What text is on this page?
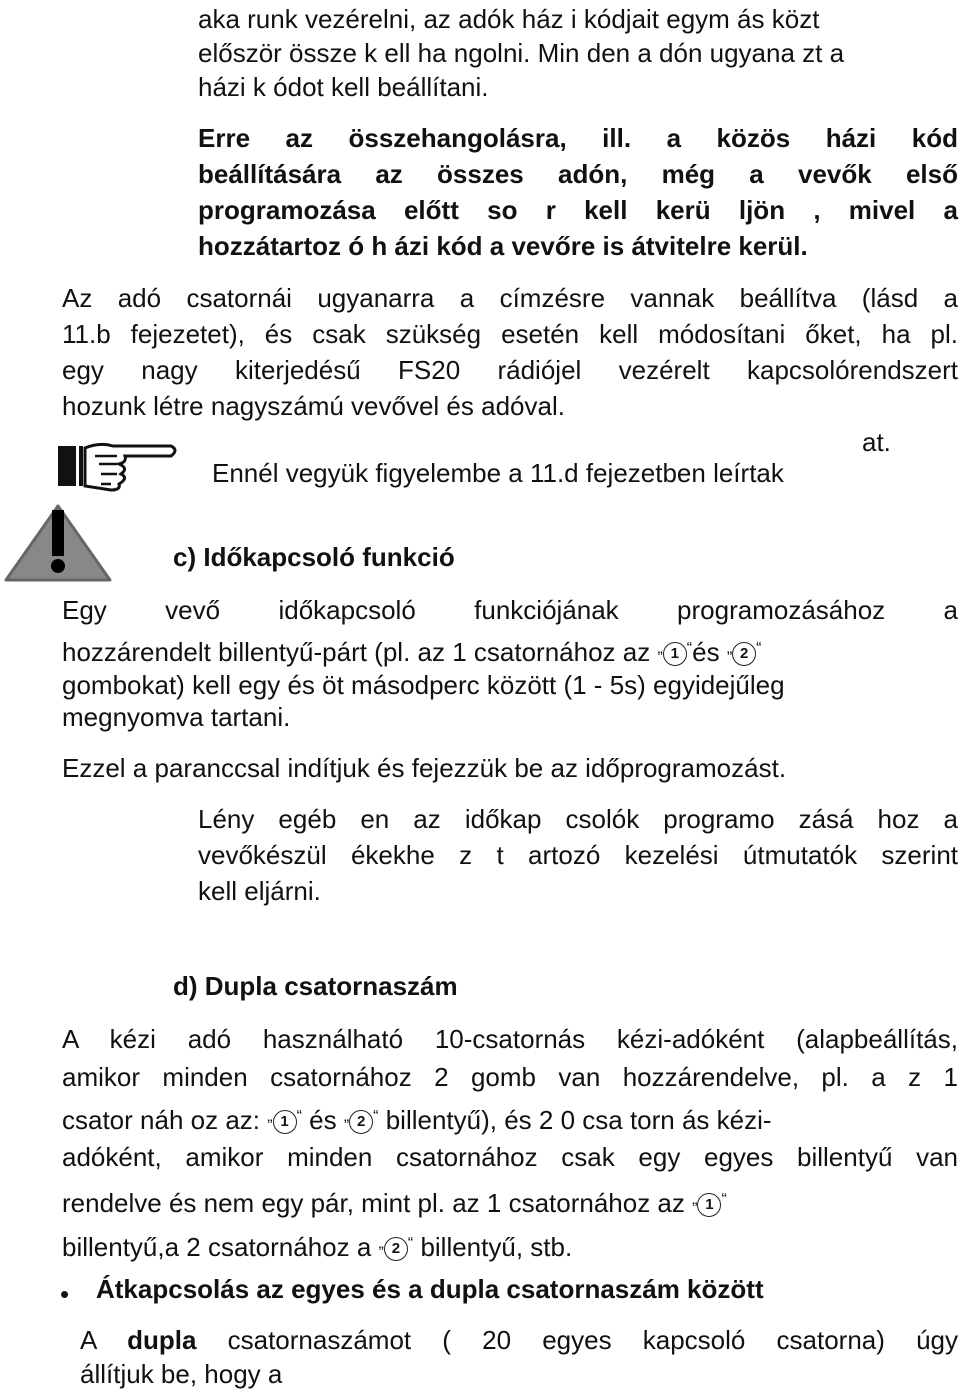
aka runk vezérelni, az adók ház i kódjait egym ás közt
először össze k ell ha ngolni. Min den a dón ugyana zt a
házi k ódot kell beállítani.
Erre az összehangolásra, ill. a közös házi kód
beállítására az összes adón, még a vevők első
programozása előtt so r kell kerü ljön , mivel a
hozzátartoz ó h ázi kód a vevőre is átvitelre kerül.
Az adó csatornái ugyanarra a címzésre vannak beállítva (lásd a
11.b fejezetet), és csak szükség esetén kell módosítani őket, ha pl.
egy nagy kiterjedésű FS20 rádiójel vezérelt kapcsolórendszert
hozunk létre nagyszámú vevővel és adóval.
at.
Ennél vegyük figyelembe a 11.d fejezetben leírtak
c) Időkapcsoló funkció
Egy vevő időkapcsoló funkciójának programozásához a
hozzárendelt billentyű-párt (pl. az 1 csatornához az „ 1 “és „ 2 “
gombokat) kell egy és öt másodperc között (1 - 5s) egyidejűleg
megnyomva tartani.
Ezzel a paranccsal indítjuk és fejezzük be az időprogramozást.
Lény egéb en az időkap csolók programo zásá hoz a
vevőkészül ékekhe z t artozó kezelési útmutatók szerint
kell eljárni.
d) Dupla csatornaszám
A kézi adó használható 10-csatornás kézi-adóként (alapbeállítás,
amikor minden csatornához 2 gomb van hozzárendelve, pl. a z 1
csator náh oz az: „ 1 “ és „ 2 “ billentyű), és 2 0 csa torn ás kézi-
adóként, amikor minden csatornához csak egy egyes billentyű van
rendelve és nem egy pár, mint pl. az 1 csatornához az „ 1 “
billentyű,a 2 csatornához a „ 2 “ billentyű, stb.
• Átkapcsolás az egyes és a dupla csatornaszám között
A dupla csatornaszámot ( 20 egyes kapcsoló csatorna) úgy
állítjuk be, hogy a
